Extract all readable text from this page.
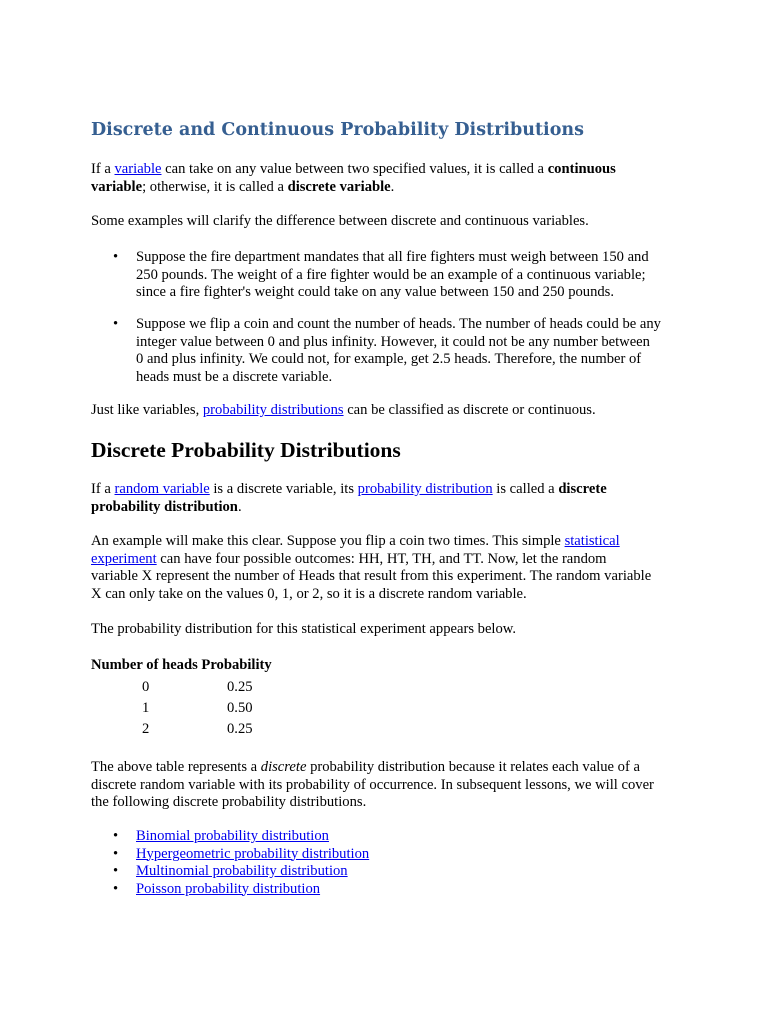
Discrete and Continuous Probability Distributions

If a variable can take on any value between two specified values, it is called a continuous
variable; otherwise, it is called a discrete variable.

Some examples will clarify the difference between discrete and continuous variables.

• Suppose the fire department mandates that all fire fighters must weigh between 150 and
250 pounds. The weight of a fire fighter would be an example of a continuous variable;
since a fire fighter's weight could take on any value between 150 and 250 pounds.
• Suppose we flip a coin and count the number of heads. The number of heads could be any
integer value between 0 and plus infinity. However, it could not be any number between
0 and plus infinity. We could not, for example, get 2.5 heads. Therefore, the number of
heads must be a discrete variable.

Just like variables, probability distributions can be classified as discrete or continuous.

Discrete Probability Distributions

If a random variable is a discrete variable, its probability distribution is called a discrete
probability distribution.

An example will make this clear. Suppose you flip a coin two times. This simple statistical
experiment can have four possible outcomes: HH, HT, TH, and TT. Now, let the random
variable X represent the number of Heads that result from this experiment. The random variable
X can only take on the values 0, 1, or 2, so it is a discrete random variable.

The probability distribution for this statistical experiment appears below.

Number of heads Probability
0	0.25
1	0.50
2	0.25

The above table represents a discrete probability distribution because it relates each value of a
discrete random variable with its probability of occurrence. In subsequent lessons, we will cover
the following discrete probability distributions.

• Binomial probability distribution
• Hypergeometric probability distribution
• Multinomial probability distribution
• Poisson probability distribution
